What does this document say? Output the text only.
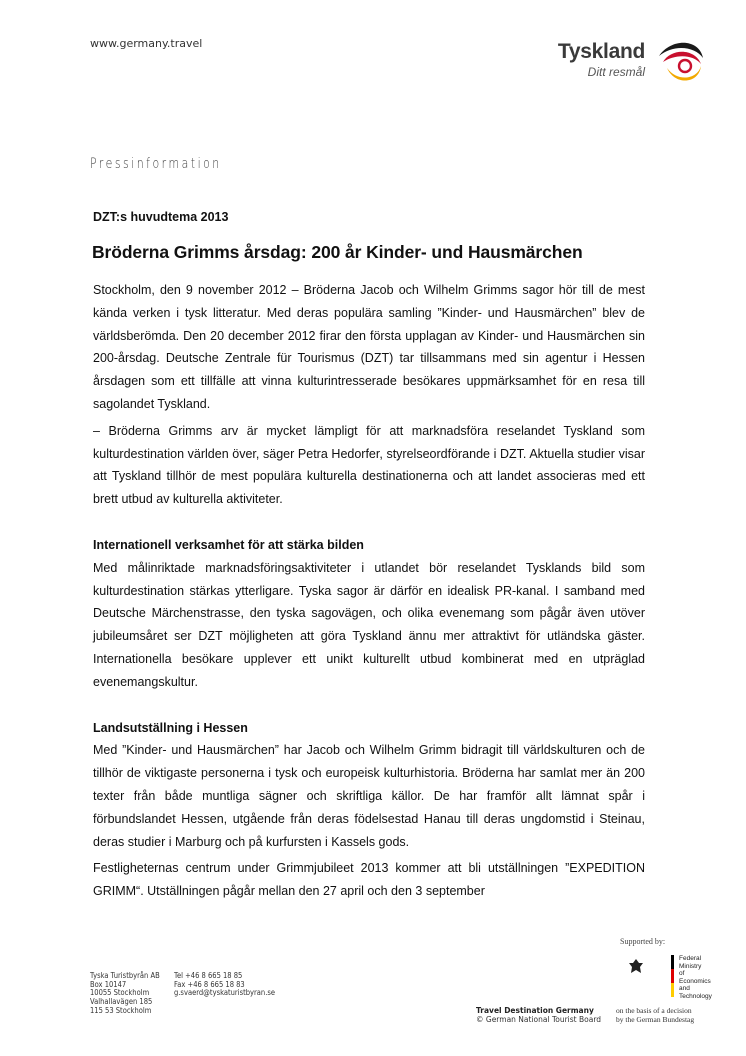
www.germany.travel	Tyskland
Ditt resmål
Pressinformation
DZT:s huvudtema 2013
Bröderna Grimms årsdag: 200 år Kinder- und Hausmärchen

Stockholm, den 9 november 2012 – Bröderna Jacob och Wilhelm Grimms sagor hör till de mest kända verken i tysk litteratur. Med deras populära samling ”Kinder- und Hausmärchen” blev de världsberömda. Den 20 december 2012 firar den första upplagan av Kinder- und Hausmärchen sin 200-årsdag. Deutsche Zentrale für Tourismus (DZT) tar tillsammans med sin agentur i Hessen årsdagen som ett tillfälle att vinna kulturintresserade besökares uppmärksamhet för en resa till sagolandet Tyskland.

– Bröderna Grimms arv är mycket lämpligt för att marknadsföra reselandet Tyskland som kulturdestination världen över, säger Petra Hedorfer, styrelseordförande i DZT. Aktuella studier visar att Tyskland tillhör de mest populära kulturella destinationerna och att landet associeras med ett brett utbud av kulturella aktiviteter.

Internationell verksamhet för att stärka bilden

Med målinriktade marknadsföringsaktiviteter i utlandet bör reselandet Tysklands bild som kulturdestination stärkas ytterligare. Tyska sagor är därför en idealisk PR-kanal. I samband med Deutsche Märchenstrasse, den tyska sagovägen, och olika evenemang som pågår även utöver jubileumsåret ser DZT möjligheten att göra Tyskland ännu mer attraktivt för utländska gäster. Internationella besökare upplever ett unikt kulturellt utbud kombinerat med en utpräglad evenemangskultur.

Landsutställning i Hessen

Med ”Kinder- und Hausmärchen” har Jacob och Wilhelm Grimm bidragit till världskulturen och de tillhör de viktigaste personerna i tysk och europeisk kulturhistoria. Bröderna har samlat mer än 200 texter från både muntliga sägner och skriftliga källor. De har framför allt lämnat spår i förbundslandet Hessen, utgående från deras födelsestad Hanau till deras ungdomstid i Steinau, deras studier i Marburg och på kurfursten i Kassels gods.

Festligheternas centrum under Grimmjubileet 2013 kommer att bli utställningen ”EXPEDITION GRIMM“. Utställningen pågår mellan den 27 april och den 3 september

Supported by:
Federal Ministry
of Economics
and Technology
Tyska Turistbyrån AB
Box 10147
10055 Stockholm
Valhallavägen 185
115 53 Stockholm
Tel +46 8 665 18 85
Fax +46 8 665 18 83
g.svaerd@tyskaturistbyran.se
Travel Destination Germany
© German National Tourist Board
on the basis of a decision
by the German Bundestag
